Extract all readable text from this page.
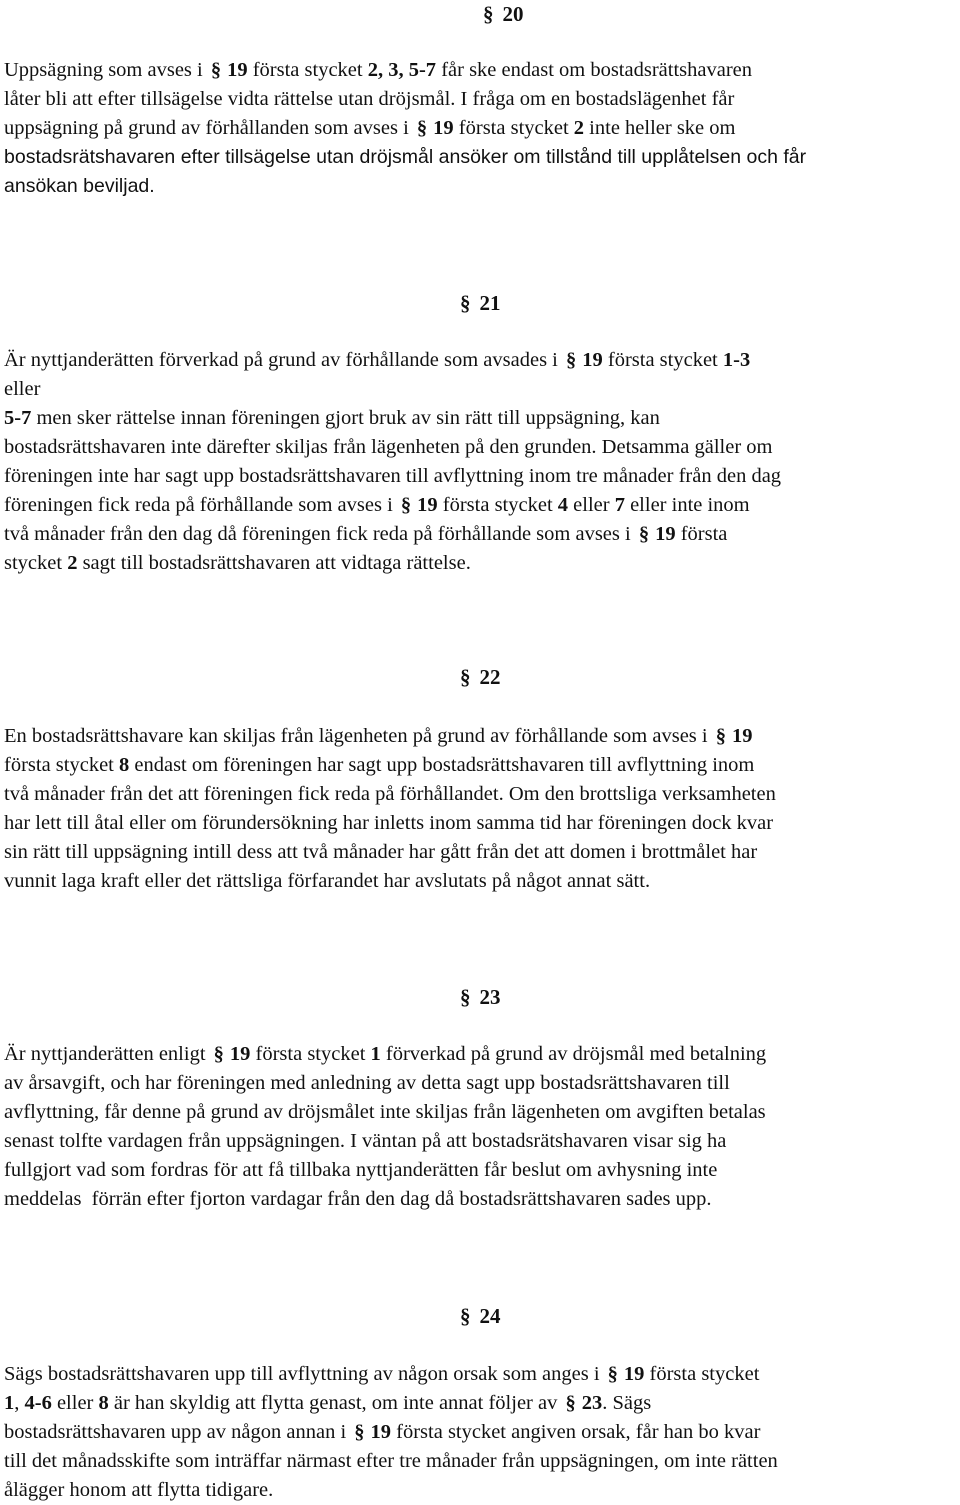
§ 20
Uppsägning som avses i § 19 första stycket 2, 3, 5-7 får ske endast om bostadsrättshavaren
låter bli att efter tillsägelse vidta rättelse utan dröjsmål. I fråga om en bostadslägenhet får
uppsägning på grund av förhållanden som avses i § 19 första stycket 2 inte heller ske om
bostadsrätshavaren efter tillsägelse utan dröjsmål ansöker om tillstånd till upplåtelsen och får
ansökan beviljad.
§ 21
Är nyttjanderätten förverkad på grund av förhållande som avsades i § 19 första stycket 1-3
eller
5-7 men sker rättelse innan föreningen gjort bruk av sin rätt till uppsägning, kan
bostadsrättshavaren inte därefter skiljas från lägenheten på den grunden. Detsamma gäller om
föreningen inte har sagt upp bostadsrättshavaren till avflyttning inom tre månader från den dag
föreningen fick reda på förhållande som avses i § 19 första stycket 4 eller 7 eller inte inom
två månader från den dag då föreningen fick reda på förhållande som avses i § 19 första
stycket 2 sagt till bostadsrättshavaren att vidtaga rättelse.
§ 22
En bostadsrättshavare kan skiljas från lägenheten på grund av förhållande som avses i § 19
första stycket 8 endast om föreningen har sagt upp bostadsrättshavaren till avflyttning inom
två månader från det att föreningen fick reda på förhållandet. Om den brottsliga verksamheten
har lett till åtal eller om förundersökning har inletts inom samma tid har föreningen dock kvar
sin rätt till uppsägning intill dess att två månader har gått från det att domen i brottmålet har
vunnit laga kraft eller det rättsliga förfarandet har avslutats på något annat sätt.
§ 23
Är nyttjanderätten enligt § 19 första stycket 1 förverkad på grund av dröjsmål med betalning
av årsavgift, och har föreningen med anledning av detta sagt upp bostadsrättshavaren till
avflyttning, får denne på grund av dröjsmålet inte skiljas från lägenheten om avgiften betalas
senast tolfte vardagen från uppsägningen. I väntan på att bostadsrätshavaren visar sig ha
fullgjort vad som fordras för att få tillbaka nyttjanderätten får beslut om avhysning inte
meddelas  förrän efter fjorton vardagar från den dag då bostadsrättshavaren sades upp.
§ 24
Sägs bostadsrättshavaren upp till avflyttning av någon orsak som anges i § 19 första stycket
1, 4-6 eller 8 är han skyldig att flytta genast, om inte annat följer av § 23. Sägs
bostadsrättshavaren upp av någon annan i § 19 första stycket angiven orsak, får han bo kvar
till det månadsskifte som inträffar närmast efter tre månader från uppsägningen, om inte rätten
ålägger honom att flytta tidigare.
